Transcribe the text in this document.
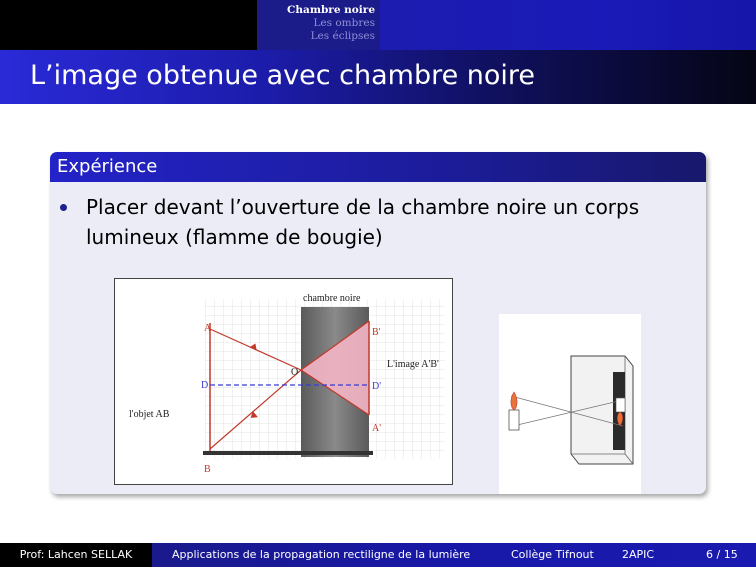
Chambre noire
Les ombres
Les éclipses
L’image obtenue avec chambre noire
Expérience
Placer devant l’ouverture de la chambre noire un corps lumineux (flamme de bougie)
chambre noire
L'image A'B'
l'objet AB
A
B
D
O
B'
D'
A'
Prof: Lahcen SELLAK	Applications de la propagation rectiligne de la lumière	Collège Tifnout	2APIC	6 / 15
